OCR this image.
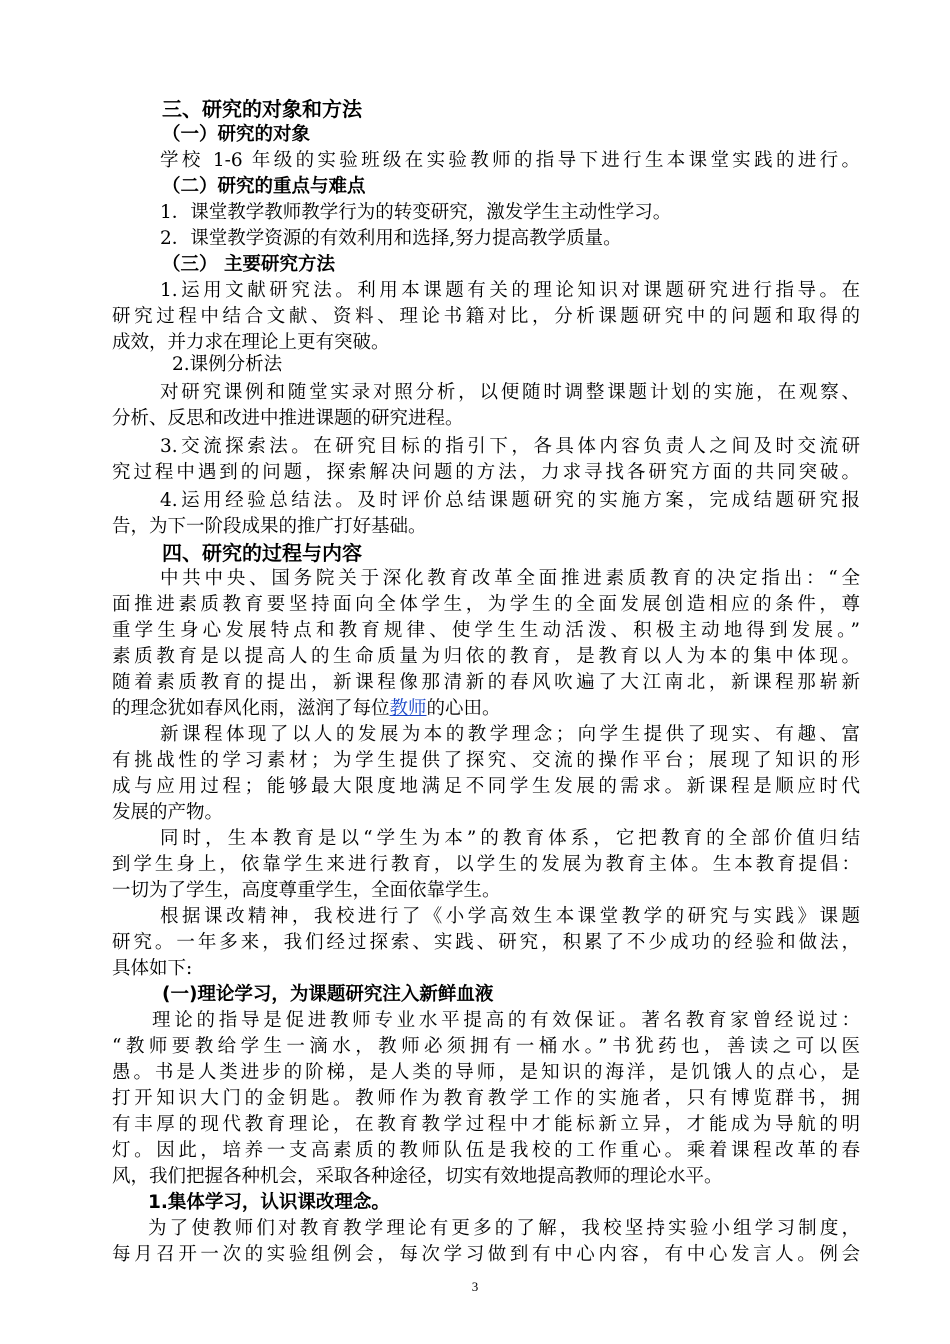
三、研究的对象和方法
（一）研究的对象
学校 1-6 年级的实验班级在实验教师的指导下进行生本课堂实践的进行。
（二）研究的重点与难点
1．课堂教学教师教学行为的转变研究，激发学生主动性学习。
2．课堂教学资源的有效利用和选择,努力提高教学质量。
（三） 主要研究方法
1.运用文献研究法。利用本课题有关的理论知识对课题研究进行指导。在
研究过程中结合文献、资料、理论书籍对比，分析课题研究中的问题和取得的
成效，并力求在理论上更有突破。
2.课例分析法
对研究课例和随堂实录对照分析，以便随时调整课题计划的实施，在观察、
分析、反思和改进中推进课题的研究进程。
3.交流探索法。在研究目标的指引下，各具体内容负责人之间及时交流研
究过程中遇到的问题，探索解决问题的方法，力求寻找各研究方面的共同突破。
4.运用经验总结法。及时评价总结课题研究的实施方案，完成结题研究报
告，为下一阶段成果的推广打好基础。
四、研究的过程与内容
中共中央、国务院关于深化教育改革全面推进素质教育的决定指出：“全
面推进素质教育要坚持面向全体学生，为学生的全面发展创造相应的条件，尊
重学生身心发展特点和教育规律、使学生生动活泼、积极主动地得到发展。”
素质教育是以提高人的生命质量为归依的教育，是教育以人为本的集中体现。
随着素质教育的提出，新课程像那清新的春风吹遍了大江南北，新课程那崭新
的理念犹如春风化雨，滋润了每位教师的心田。
新课程体现了以人的发展为本的教学理念；向学生提供了现实、有趣、富
有挑战性的学习素材；为学生提供了探究、交流的操作平台；展现了知识的形
成与应用过程；能够最大限度地满足不同学生发展的需求。新课程是顺应时代
发展的产物。
同时，生本教育是以“学生为本”的教育体系，它把教育的全部价值归结
到学生身上，依靠学生来进行教育，以学生的发展为教育主体。生本教育提倡：
一切为了学生，高度尊重学生，全面依靠学生。
根据课改精神，我校进行了《小学高效生本课堂教学的研究与实践》课题
研究。一年多来，我们经过探索、实践、研究，积累了不少成功的经验和做法，
具体如下:
(一)理论学习，为课题研究注入新鲜血液
理论的指导是促进教师专业水平提高的有效保证。著名教育家曾经说过：
“教师要教给学生一滴水，教师必须拥有一桶水。”书犹药也，善读之可以医
愚。书是人类进步的阶梯，是人类的导师，是知识的海洋，是饥饿人的点心，是
打开知识大门的金钥匙。教师作为教育教学工作的实施者，只有博览群书，拥
有丰厚的现代教育理论，在教育教学过程中才能标新立异，才能成为导航的明
灯。因此，培养一支高素质的教师队伍是我校的工作重心。乘着课程改革的春
风，我们把握各种机会，采取各种途径，切实有效地提高教师的理论水平。
1.集体学习，认识课改理念。
为了使教师们对教育教学理论有更多的了解，我校坚持实验小组学习制度，
每月召开一次的实验组例会，每次学习做到有中心内容，有中心发言人。例会
3
